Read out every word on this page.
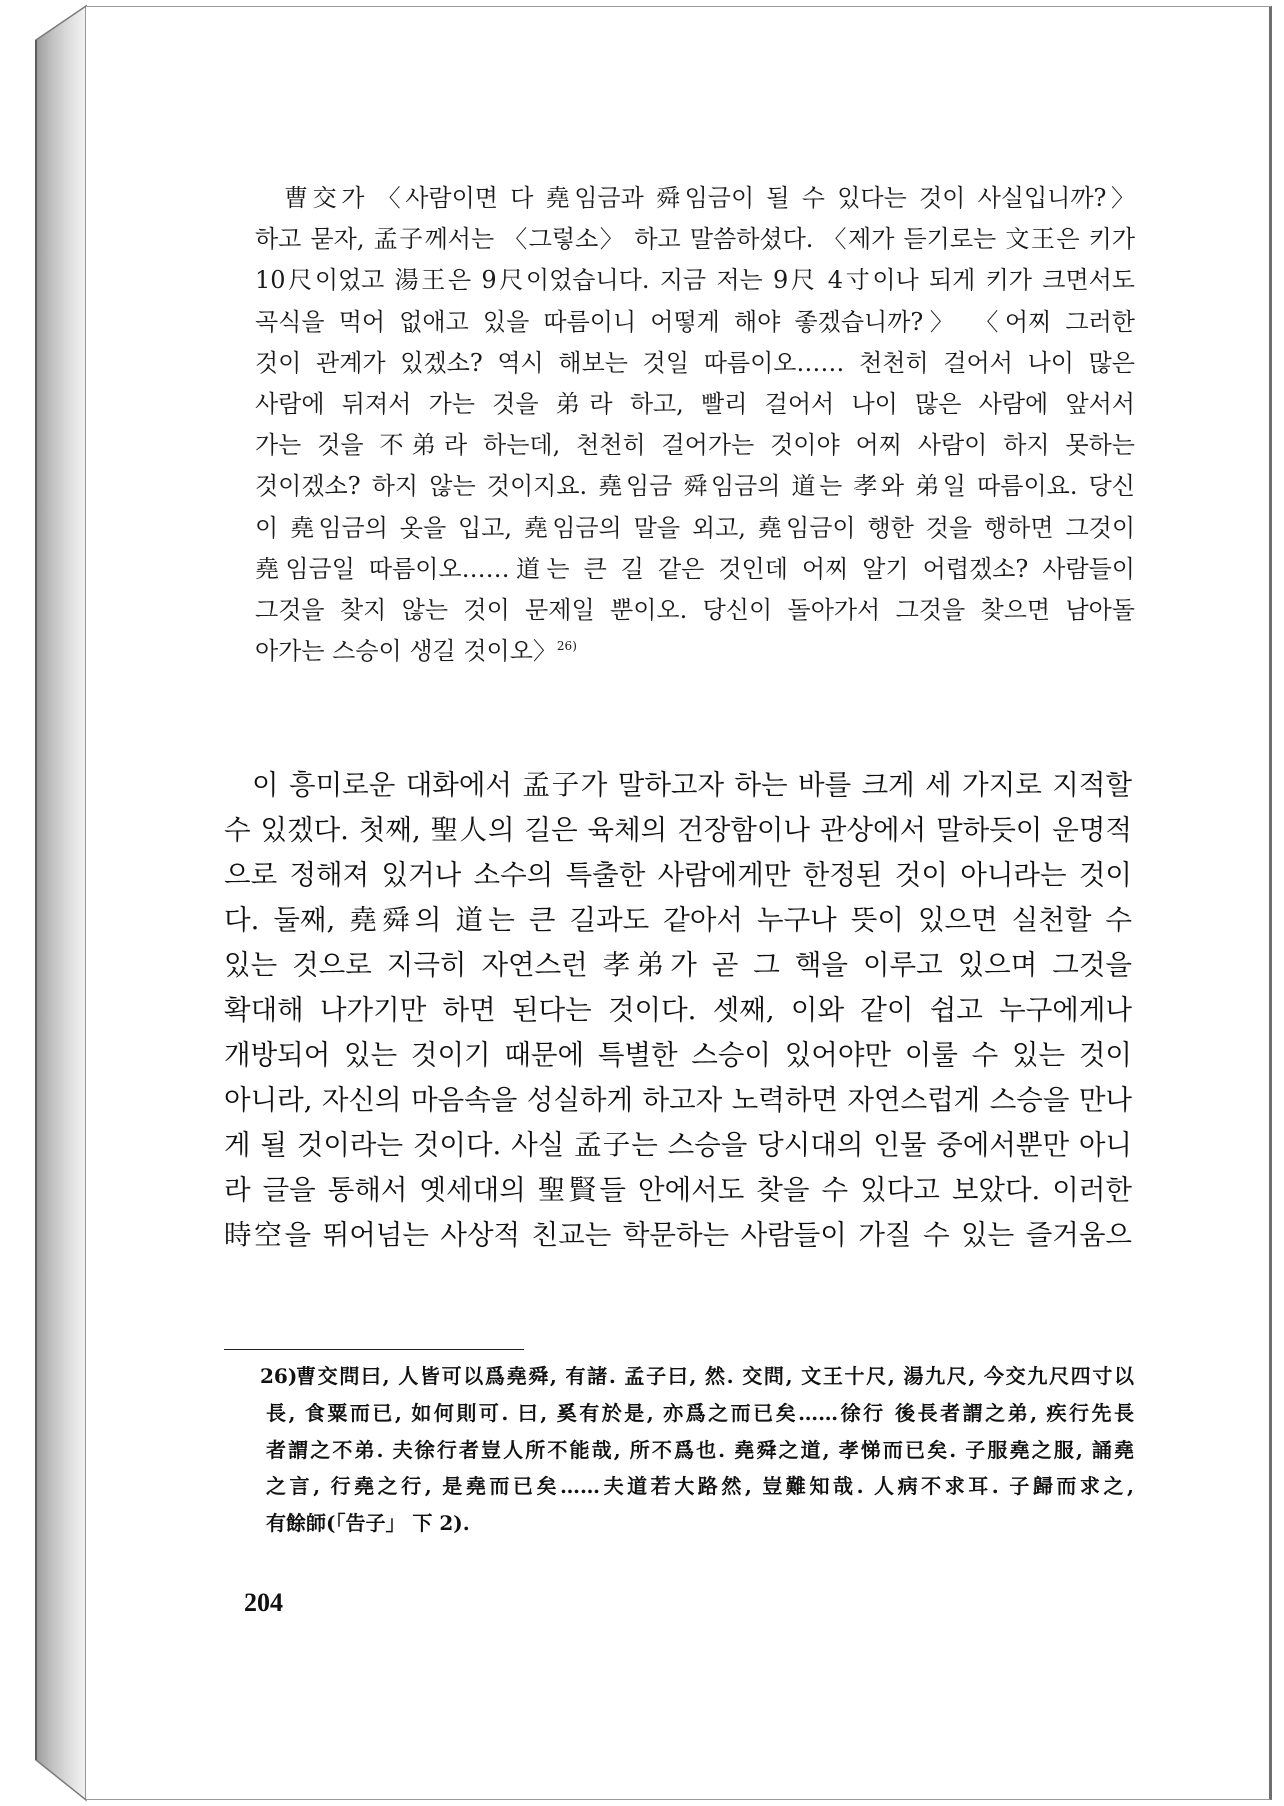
曹交가 〈사람이면 다 堯임금과 舜임금이 될 수 있다는 것이 사실입니까?〉
하고 묻자, 孟子께서는 〈그렇소〉 하고 말씀하셨다. 〈제가 듣기로는 文王은 키가
10尺이었고 湯王은 9尺이었습니다. 지금 저는 9尺 4寸이나 되게 키가 크면서도
곡식을 먹어 없애고 있을 따름이니 어떻게 해야 좋겠습니까?〉 〈어찌 그러한
것이 관계가 있겠소? 역시 해보는 것일 따름이오…… 천천히 걸어서 나이 많은
사람에 뒤져서 가는 것을 弟라 하고, 빨리 걸어서 나이 많은 사람에 앞서서
가는 것을 不弟라 하는데, 천천히 걸어가는 것이야 어찌 사람이 하지 못하는
것이겠소? 하지 않는 것이지요. 堯임금 舜임금의 道는 孝와 弟일 따름이요. 당신
이 堯임금의 옷을 입고, 堯임금의 말을 외고, 堯임금이 행한 것을 행하면 그것이
堯임금일 따름이오……道는 큰 길 같은 것인데 어찌 알기 어렵겠소? 사람들이
그것을 찾지 않는 것이 문제일 뿐이오. 당신이 돌아가서 그것을 찾으면 남아돌
아가는 스승이 생길 것이오〉$^{26)}$
이 흥미로운 대화에서 孟子가 말하고자 하는 바를 크게 세 가지로 지적할
수 있겠다. 첫째, 聖人의 길은 육체의 건장함이나 관상에서 말하듯이 운명적
으로 정해져 있거나 소수의 특출한 사람에게만 한정된 것이 아니라는 것이
다. 둘째, 堯舜의 道는 큰 길과도 같아서 누구나 뜻이 있으면 실천할 수
있는 것으로 지극히 자연스런 孝弟가 곧 그 핵을 이루고 있으며 그것을
확대해 나가기만 하면 된다는 것이다. 셋째, 이와 같이 쉽고 누구에게나
개방되어 있는 것이기 때문에 특별한 스승이 있어야만 이룰 수 있는 것이
아니라, 자신의 마음속을 성실하게 하고자 노력하면 자연스럽게 스승을 만나
게 될 것이라는 것이다. 사실 孟子는 스승을 당시대의 인물 중에서뿐만 아니
라 글을 통해서 옛세대의 聖賢들 안에서도 찾을 수 있다고 보았다. 이러한
時空을 뛰어넘는 사상적 친교는 학문하는 사람들이 가질 수 있는 즐거움으
26)
曹交問曰, 人皆可以爲堯舜, 有諸. 孟子曰, 然. 交問, 文王十尺, 湯九尺, 今交九尺四寸以
長, 食粟而已, 如何則可. 曰, 奚有於是, 亦爲之而已矣……徐行 後長者謂之弟, 疾行先長
者謂之不弟. 夫徐行者豈人所不能哉, 所不爲也. 堯舜之道, 孝悌而已矣. 子服堯之服, 誦堯
之言, 行堯之行, 是堯而已矣……夫道若大路然, 豈難知哉. 人病不求耳. 子歸而求之,
有餘師(「告子」 下 2).
204
